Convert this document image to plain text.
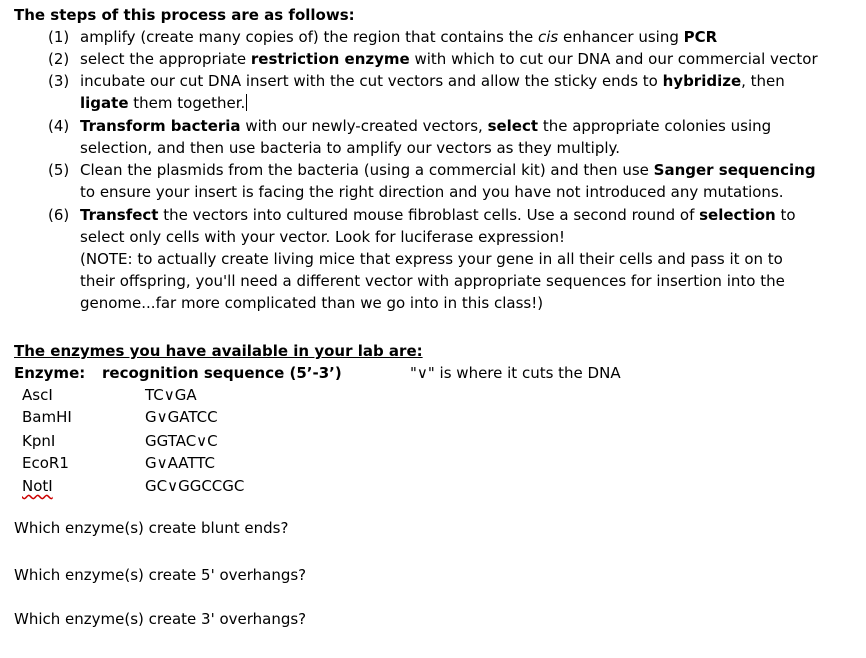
The steps of this process are as follows:
(1) amplify (create many copies of) the region that contains the cis enhancer using PCR
(2) select the appropriate restriction enzyme with which to cut our DNA and our commercial vector
(3) incubate our cut DNA insert with the cut vectors and allow the sticky ends to hybridize, then ligate them together.
(4) Transform bacteria with our newly-created vectors, select the appropriate colonies using selection, and then use bacteria to amplify our vectors as they multiply.
(5) Clean the plasmids from the bacteria (using a commercial kit) and then use Sanger sequencing to ensure your insert is facing the right direction and you have not introduced any mutations.
(6) Transfect the vectors into cultured mouse fibroblast cells. Use a second round of selection to select only cells with your vector. Look for luciferase expression!
(NOTE: to actually create living mice that express your gene in all their cells and pass it on to their offspring, you'll need a different vector with appropriate sequences for insertion into the genome...far more complicated than we go into in this class!)
The enzymes you have available in your lab are:
Enzyme: recognition sequence (5’-3’)	"∨" is where it cuts the DNA
AscI	TC∨GA
BamHI	G∨GATCC
KpnI	GGTAC∨C
EcoR1	G∨AATTC
NotI	GC∨GGCCGC
Which enzyme(s) create blunt ends?
Which enzyme(s) create 5' overhangs?
Which enzyme(s) create 3' overhangs?
